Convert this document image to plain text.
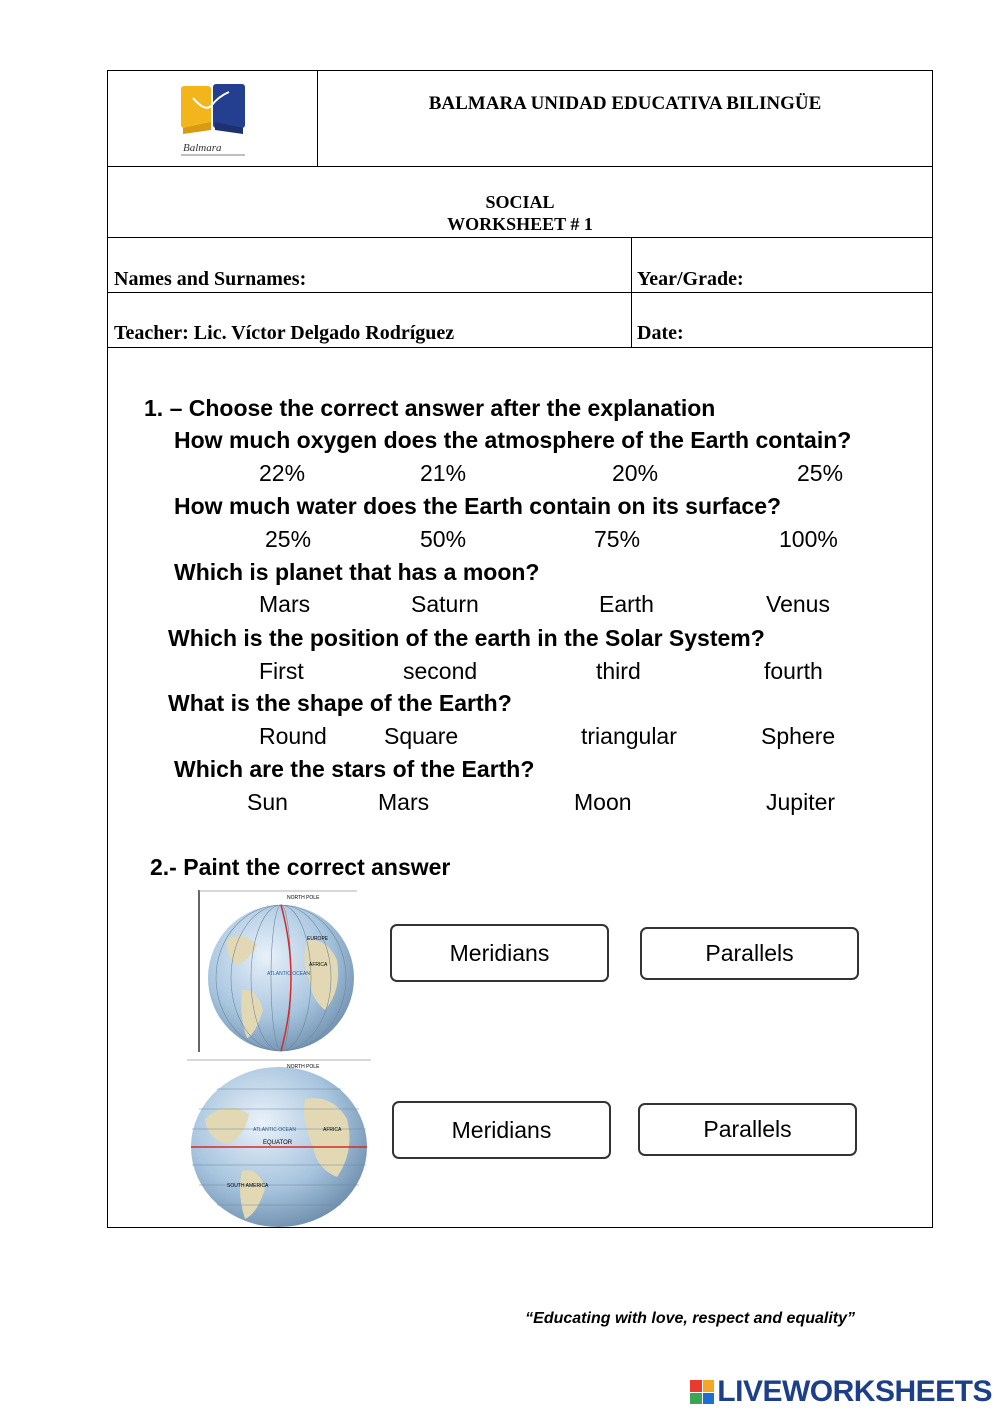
Balmara
BALMARA UNIDAD EDUCATIVA BILINGÜE
SOCIAL
WORKSHEET # 1
Names and Surnames:	Year/Grade:
Teacher: Lic. Víctor Delgado Rodríguez	Date:
1. – Choose the correct answer after the explanation
How much oxygen does the atmosphere of the Earth contain?
22%	21%	20%	25%
How much water does the Earth contain on its surface?
25%	50%	75%	100%
Which is planet that has a moon?
Mars	Saturn	Earth	Venus
Which is the position of the earth in the Solar System?
First	second	third	fourth
What is the shape of the Earth?
Round Square	triangular	Sphere
Which are the stars of the Earth?
Sun	Mars	Moon	Jupiter
2.- Paint the correct answer
NORTH POLE
ATLANTIC OCEAN
AFRICA
EUROPE
Meridians	Parallels
NORTH POLE
EQUATOR
ATLANTIC OCEAN
SOUTH AMERICA
AFRICA	Meridians	Parallels
“Educating with love, respect and equality”
LIVEWORKSHEETS
